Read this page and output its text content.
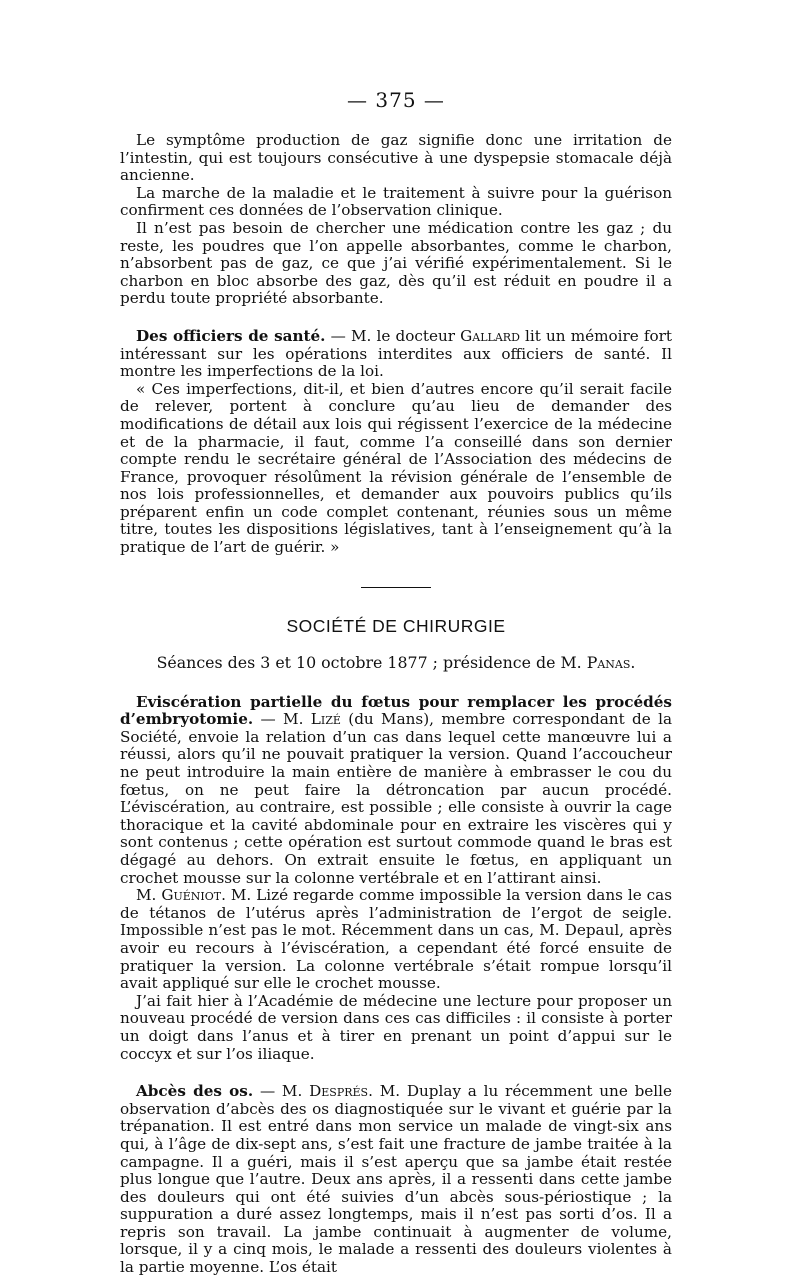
— 375 —

Le symptôme production de gaz signifie donc une irritation de l’intestin, qui est toujours consécutive à une dyspepsie stomacale déjà ancienne.

La marche de la maladie et le traitement à suivre pour la guérison confirment ces données de l’observation clinique.

Il n’est pas besoin de chercher une médication contre les gaz ; du reste, les poudres que l’on appelle absorbantes, comme le charbon, n’absorbent pas de gaz, ce que j’ai vérifié expérimentalement. Si le charbon en bloc absorbe des gaz, dès qu’il est réduit en poudre il a perdu toute propriété absorbante.

Des officiers de santé. — M. le docteur Gallard lit un mémoire fort intéressant sur les opérations interdites aux officiers de santé. Il montre les imperfections de la loi.

« Ces imperfections, dit-il, et bien d’autres encore qu’il serait facile de relever, portent à conclure qu’au lieu de demander des modifications de détail aux lois qui régissent l’exercice de la médecine et de la pharmacie, il faut, comme l’a conseillé dans son dernier compte rendu le secrétaire général de l’Association des médecins de France, provoquer résolûment la révision générale de l’ensemble de nos lois professionnelles, et demander aux pouvoirs publics qu’ils préparent enfin un code complet contenant, réunies sous un même titre, toutes les dispositions législatives, tant à l’enseignement qu’à la pratique de l’art de guérir. »

SOCIÉTÉ DE CHIRURGIE
Séances des 3 et 10 octobre 1877 ; présidence de M. Panas.

Eviscération partielle du fœtus pour remplacer les procédés d’embryotomie. — M. Lizé (du Mans), membre correspondant de la Société, envoie la relation d’un cas dans lequel cette manœuvre lui a réussi, alors qu’il ne pouvait pratiquer la version. Quand l’accoucheur ne peut introduire la main entière de manière à embrasser le cou du fœtus, on ne peut faire la détroncation par aucun procédé. L’éviscération, au contraire, est possible ; elle consiste à ouvrir la cage thoracique et la cavité abdominale pour en extraire les viscères qui y sont contenus ; cette opération est surtout commode quand le bras est dégagé au dehors. On extrait ensuite le fœtus, en appliquant un crochet mousse sur la colonne vertébrale et en l’attirant ainsi.

M. Guéniot. M. Lizé regarde comme impossible la version dans le cas de tétanos de l’utérus après l’administration de l’ergot de seigle. Impossible n’est pas le mot. Récemment dans un cas, M. Depaul, après avoir eu recours à l’éviscération, a cependant été forcé ensuite de pratiquer la version. La colonne vertébrale s’était rompue lorsqu’il avait appliqué sur elle le crochet mousse.

J’ai fait hier à l’Académie de médecine une lecture pour proposer un nouveau procédé de version dans ces cas difficiles : il consiste à porter un doigt dans l’anus et à tirer en prenant un point d’appui sur le coccyx et sur l’os iliaque.

Abcès des os. — M. Després. M. Duplay a lu récemment une belle observation d’abcès des os diagnostiquée sur le vivant et guérie par la trépanation. Il est entré dans mon service un malade de vingt-six ans qui, à l’âge de dix-sept ans, s’est fait une fracture de jambe traitée à la campagne. Il a guéri, mais il s’est aperçu que sa jambe était restée plus longue que l’autre. Deux ans après, il a ressenti dans cette jambe des douleurs qui ont été suivies d’un abcès sous-périostique ; la suppuration a duré assez longtemps, mais il n’est pas sorti d’os. Il a repris son travail. La jambe continuait à augmenter de volume, lorsque, il y a cinq mois, le malade a ressenti des douleurs violentes à la partie moyenne. L’os était
